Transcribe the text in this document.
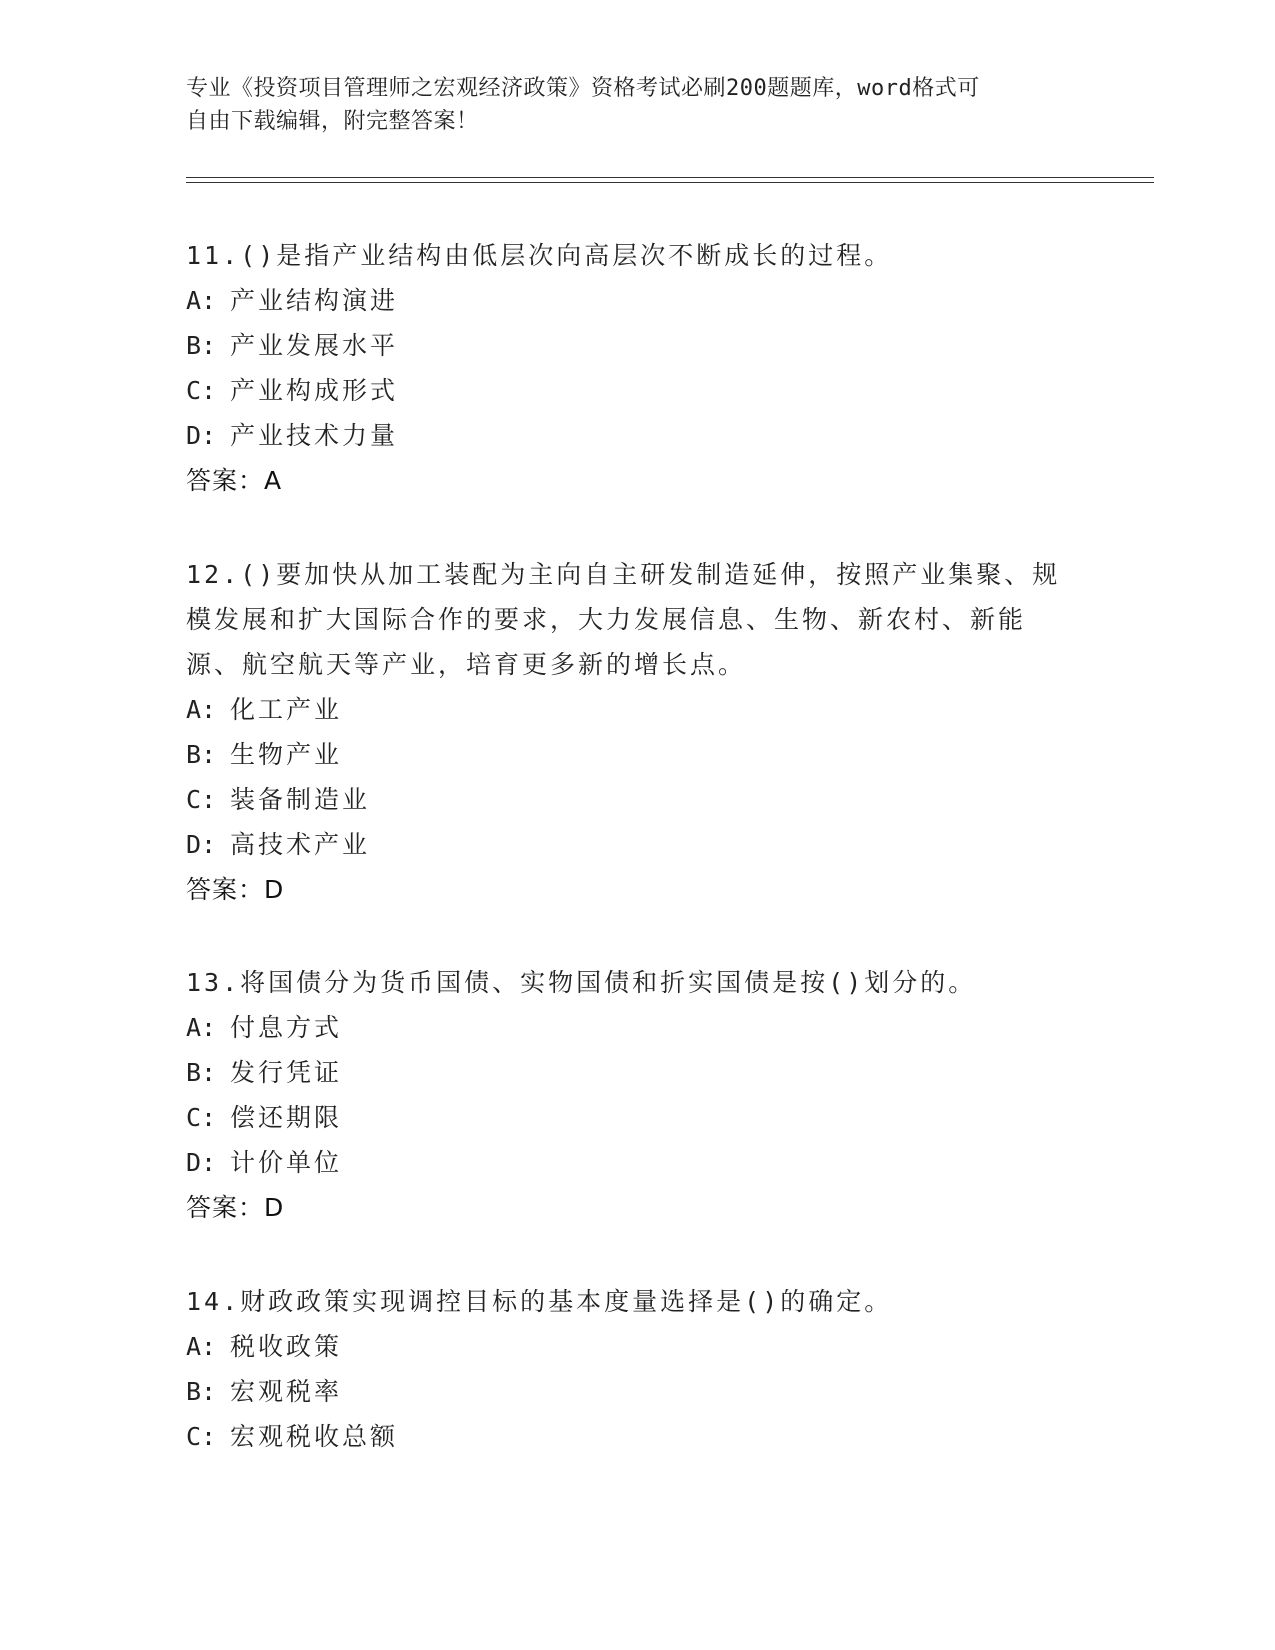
专业《投资项目管理师之宏观经济政策》资格考试必刷200题题库，word格式可
自由下载编辑，附完整答案！

11.()是指产业结构由低层次向高层次不断成长的过程。

A: 产业结构演进

B: 产业发展水平

C: 产业构成形式

D: 产业技术力量

答案：A

12.()要加快从加工装配为主向自主研发制造延伸，按照产业集聚、规

模发展和扩大国际合作的要求，大力发展信息、生物、新农村、新能

源、航空航天等产业，培育更多新的增长点。

A: 化工产业

B: 生物产业

C: 装备制造业

D: 高技术产业

答案：D

13.将国债分为货币国债、实物国债和折实国债是按()划分的。

A: 付息方式

B: 发行凭证

C: 偿还期限

D: 计价单位

答案：D

14.财政政策实现调控目标的基本度量选择是()的确定。

A: 税收政策

B: 宏观税率

C: 宏观税收总额
